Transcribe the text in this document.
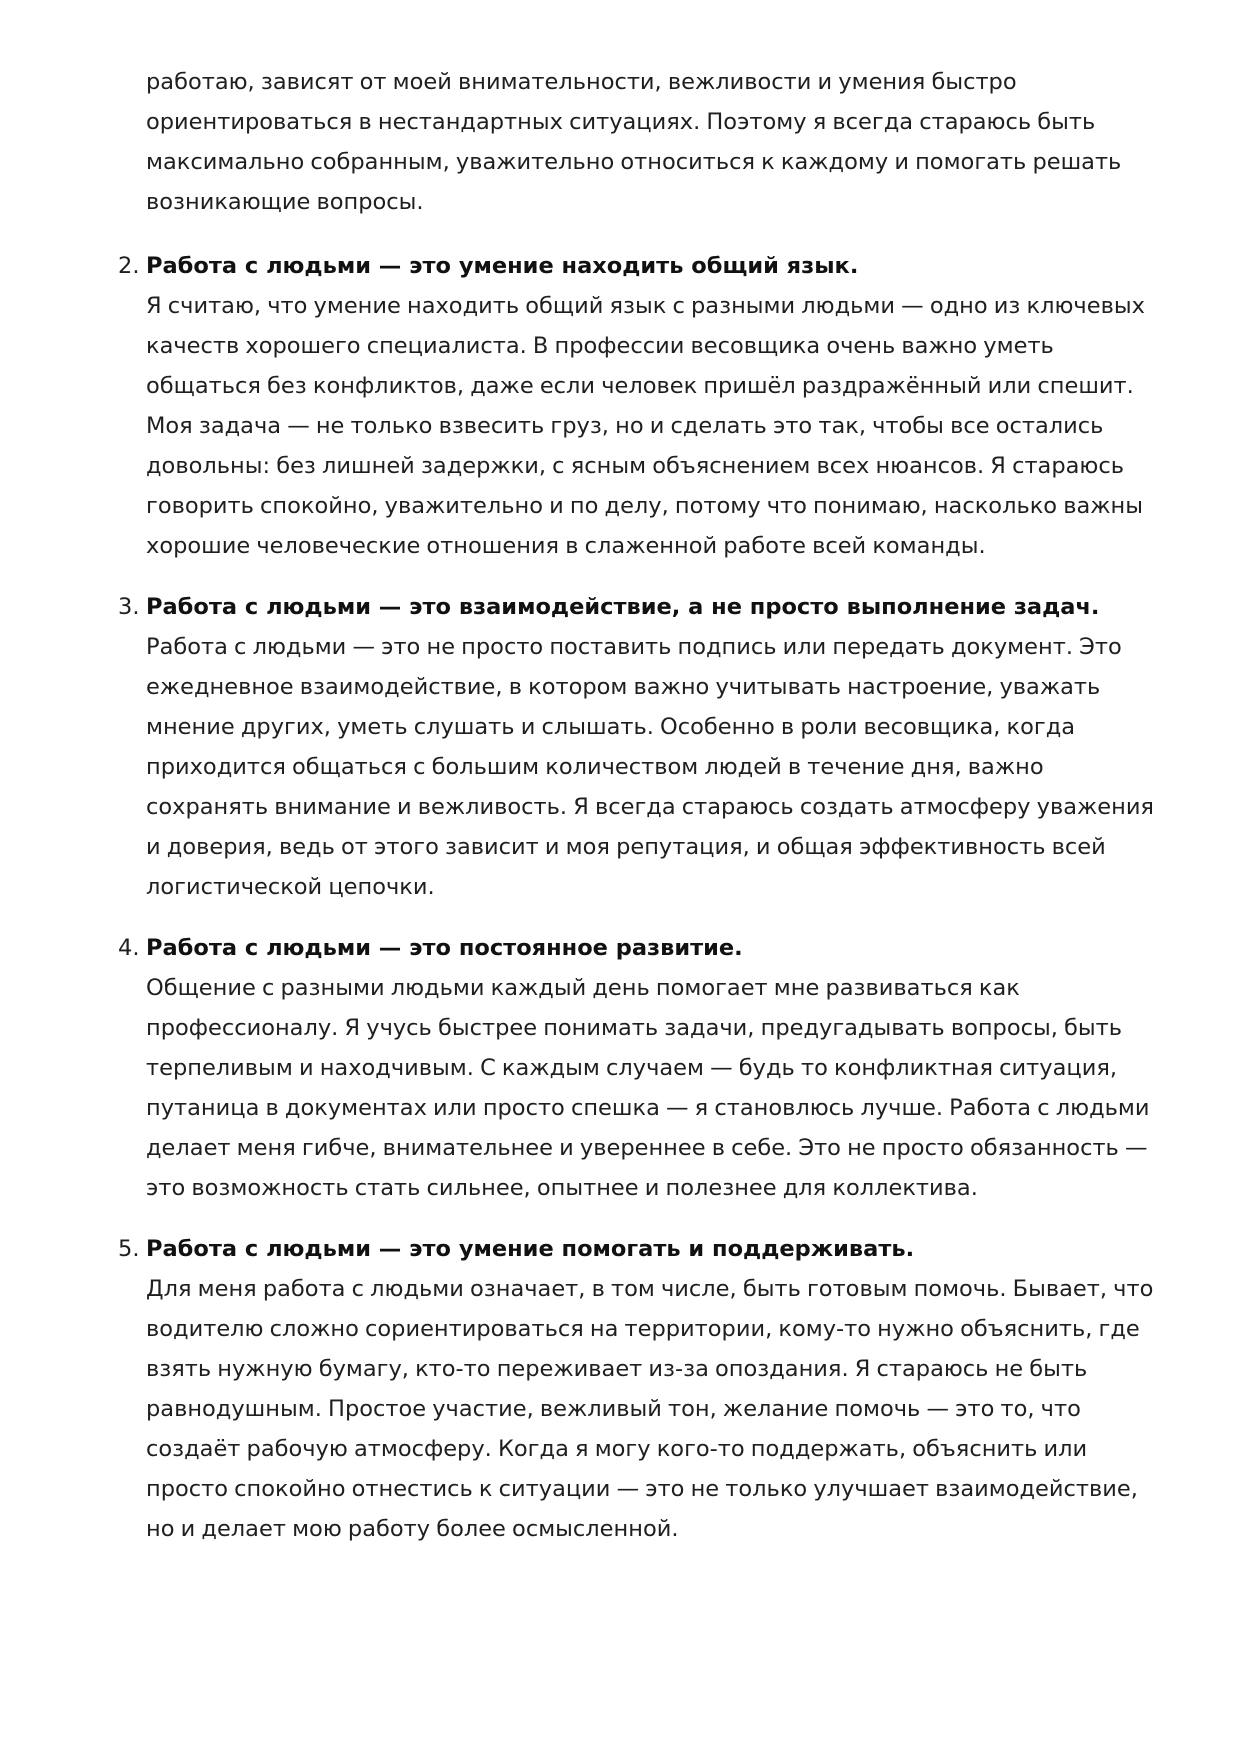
работаю, зависят от моей внимательности, вежливости и умения быстро ориентироваться в нестандартных ситуациях. Поэтому я всегда стараюсь быть максимально собранным, уважительно относиться к каждому и помогать решать возникающие вопросы.

2. Работа с людьми — это умение находить общий язык.

Я считаю, что умение находить общий язык с разными людьми — одно из ключевых качеств хорошего специалиста. В профессии весовщика очень важно уметь общаться без конфликтов, даже если человек пришёл раздражённый или спешит. Моя задача — не только взвесить груз, но и сделать это так, чтобы все остались довольны: без лишней задержки, с ясным объяснением всех нюансов. Я стараюсь говорить спокойно, уважительно и по делу, потому что понимаю, насколько важны хорошие человеческие отношения в слаженной работе всей команды.

3. Работа с людьми — это взаимодействие, а не просто выполнение задач.

Работа с людьми — это не просто поставить подпись или передать документ. Это ежедневное взаимодействие, в котором важно учитывать настроение, уважать мнение других, уметь слушать и слышать. Особенно в роли весовщика, когда приходится общаться с большим количеством людей в течение дня, важно сохранять внимание и вежливость. Я всегда стараюсь создать атмосферу уважения и доверия, ведь от этого зависит и моя репутация, и общая эффективность всей логистической цепочки.

4. Работа с людьми — это постоянное развитие.

Общение с разными людьми каждый день помогает мне развиваться как профессионалу. Я учусь быстрее понимать задачи, предугадывать вопросы, быть терпеливым и находчивым. С каждым случаем — будь то конфликтная ситуация, путаница в документах или просто спешка — я становлюсь лучше. Работа с людьми делает меня гибче, внимательнее и увереннее в себе. Это не просто обязанность — это возможность стать сильнее, опытнее и полезнее для коллектива.

5. Работа с людьми — это умение помогать и поддерживать.

Для меня работа с людьми означает, в том числе, быть готовым помочь. Бывает, что водителю сложно сориентироваться на территории, кому-то нужно объяснить, где взять нужную бумагу, кто-то переживает из-за опоздания. Я стараюсь не быть равнодушным. Простое участие, вежливый тон, желание помочь — это то, что создаёт рабочую атмосферу. Когда я могу кого-то поддержать, объяснить или просто спокойно отнестись к ситуации — это не только улучшает взаимодействие, но и делает мою работу более осмысленной.
